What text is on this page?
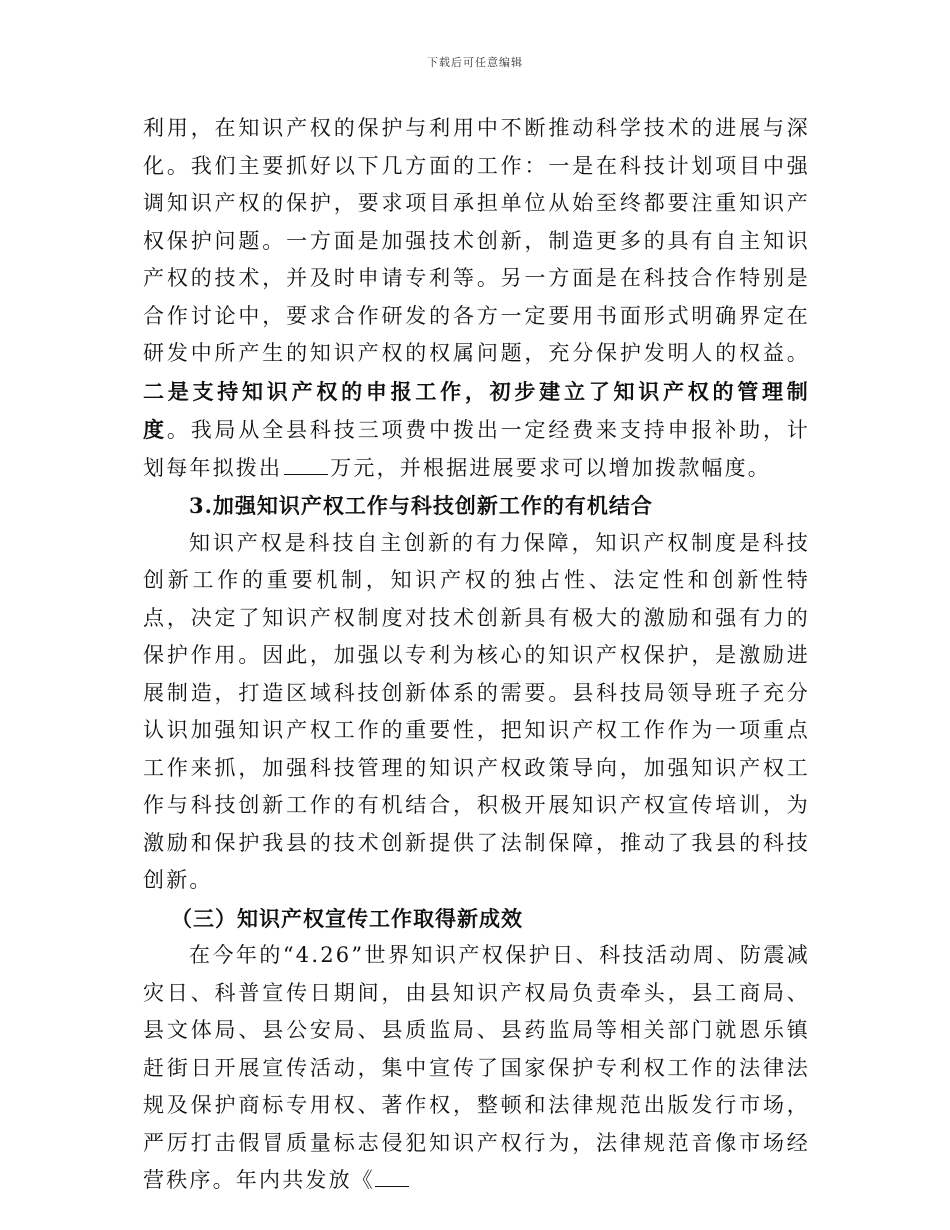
下载后可任意编辑

利用，在知识产权的保护与利用中不断推动科学技术的进展与深化。我们主要抓好以下几方面的工作：一是在科技计划项目中强调知识产权的保护，要求项目承担单位从始至终都要注重知识产权保护问题。一方面是加强技术创新，制造更多的具有自主知识产权的技术，并及时申请专利等。另一方面是在科技合作特别是合作讨论中，要求合作研发的各方一定要用书面形式明确界定在研发中所产生的知识产权的权属问题，充分保护发明人的权益。二是支持知识产权的申报工作，初步建立了知识产权的管理制度。我局从全县科技三项费中拨出一定经费来支持申报补助，计划每年拟拨出 万元，并根据进展要求可以增加拨款幅度。

3.加强知识产权工作与科技创新工作的有机结合

知识产权是科技自主创新的有力保障，知识产权制度是科技创新工作的重要机制，知识产权的独占性、法定性和创新性特点，决定了知识产权制度对技术创新具有极大的激励和强有力的保护作用。因此，加强以专利为核心的知识产权保护，是激励进展制造，打造区域科技创新体系的需要。县科技局领导班子充分认识加强知识产权工作的重要性，把知识产权工作作为一项重点工作来抓，加强科技管理的知识产权政策导向，加强知识产权工作与科技创新工作的有机结合，积极开展知识产权宣传培训，为激励和保护我县的技术创新提供了法制保障，推动了我县的科技创新。

（三）知识产权宣传工作取得新成效

在今年的“4.26”世界知识产权保护日、科技活动周、防震减灾日、科普宣传日期间，由县知识产权局负责牵头，县工商局、县文体局、县公安局、县质监局、县药监局等相关部门就恩乐镇赶街日开展宣传活动，集中宣传了国家保护专利权工作的法律法规及保护商标专用权、著作权，整顿和法律规范出版发行市场，严厉打击假冒质量标志侵犯知识产权行为，法律规范音像市场经营秩序。年内共发放《
